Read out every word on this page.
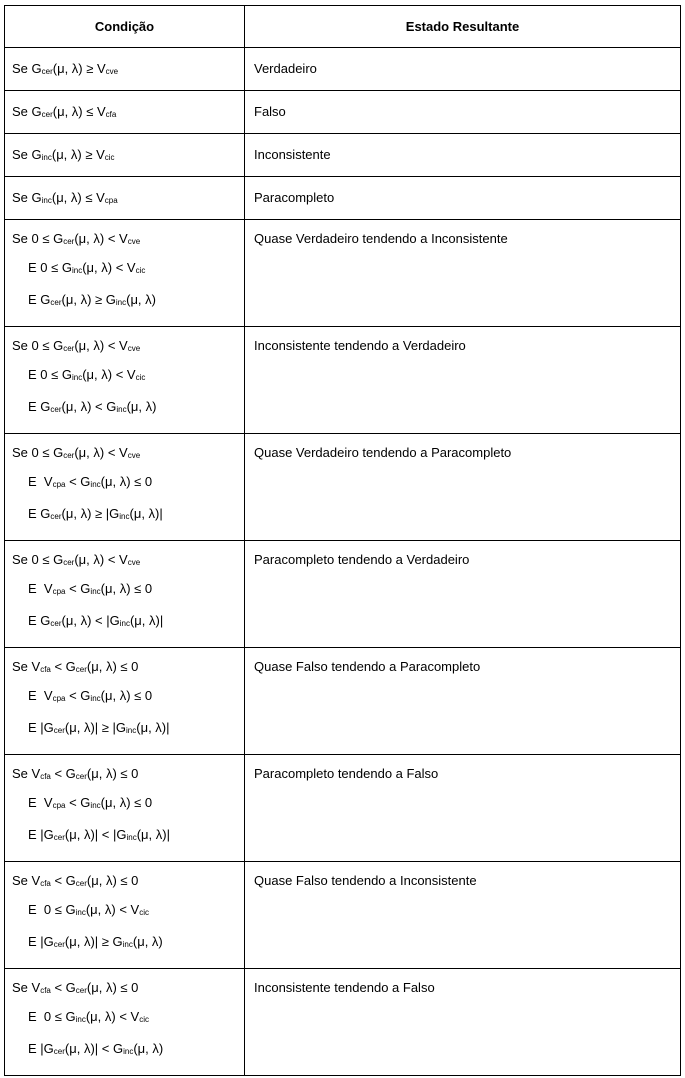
Condição	Estado Resultante

Se $G_{cer}(\mu$, $\lambda) \ge V_{cve}$	Verdadeiro

Se $G_{cer}(\mu$, $\lambda) \le V_{cfa}$	Falso

Se $G_{inc}(\mu$, $\lambda) \ge V_{cic}$	Inconsistente

Se $G_{inc}(\mu$, $\lambda) \le V_{cpa}$	Paracompleto

Se $0 \le G_{cer}(\mu$, $\lambda) < V_{cve}$
E $0 \le G_{inc}(\mu$, $\lambda) < V_{cic}$
E $G_{cer}(\mu$, $\lambda) \ge G_{inc}(\mu$, λ)	Quase Verdadeiro tendendo a Inconsistente

Se $0 \le G_{cer}(\mu$, $\lambda) < V_{cve}$
E $0 \le G_{inc}(\mu$, $\lambda) < V_{cic}$
E $G_{cer}(\mu$, $\lambda) < G_{inc}(\mu$, λ)	Inconsistente tendendo a Verdadeiro

Se $0 \le G_{cer}(\mu$, $\lambda) < V_{cve}$
E  $V_{cpa} < G_{inc}(\mu$, λ) ≤ 0
E $G_{cer}(\mu$, $\lambda) \ge |G_{inc}(\mu$, λ)|	Quase Verdadeiro tendendo a Paracompleto

Se $0 \le G_{cer}(\mu$, $\lambda) < V_{cve}$
E  $V_{cpa} < G_{inc}(\mu$, λ) ≤ 0
E $G_{cer}(\mu$, $\lambda) < |G_{inc}(\mu$, λ)|	Paracompleto tendendo a Verdadeiro

Se $V_{cfa} < G_{cer}(\mu$, λ) ≤ 0
E  $V_{cpa} < G_{inc}(\mu$, λ) ≤ 0
E $|G_{cer}(\mu$, $\lambda)| \ge |G_{inc}(\mu$, λ)|	Quase Falso tendendo a Paracompleto

Se $V_{cfa} < G_{cer}(\mu$, λ) ≤ 0
E  $V_{cpa} < G_{inc}(\mu$, λ) ≤ 0
E $|G_{cer}(\mu$, $\lambda)| < |G_{inc}(\mu$, λ)|	Paracompleto tendendo a Falso

Se $V_{cfa} < G_{cer}(\mu$, λ) ≤ 0
E  $0 \le G_{inc}(\mu$, $\lambda) < V_{cic}$
E $|G_{cer}(\mu$, $\lambda)| \ge G_{inc}(\mu$, λ)	Quase Falso tendendo a Inconsistente

Se $V_{cfa} < G_{cer}(\mu$, λ) ≤ 0
E  $0 \le G_{inc}(\mu$, $\lambda) < V_{cic}$
E $|G_{cer}(\mu$, $\lambda)| < G_{inc}(\mu$, λ)	Inconsistente tendendo a Falso
